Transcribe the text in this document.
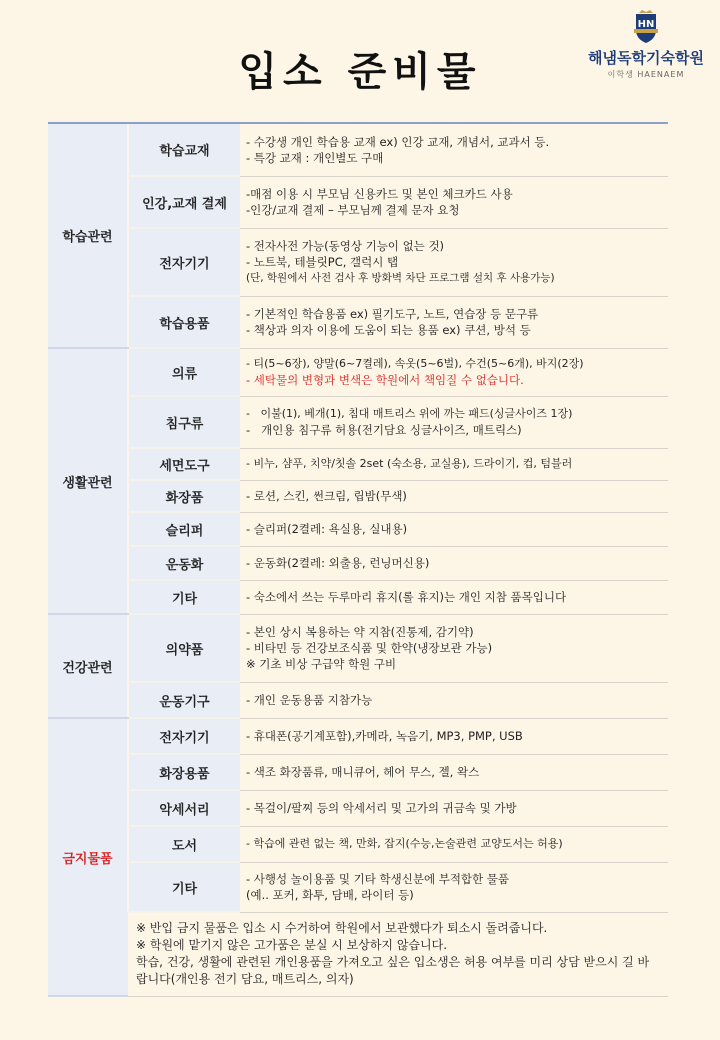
입소 준비물
HN
해냄독학기숙학원
이학생 HAENAEM
학습관련	학습교재	- 수강생 개인 학습용 교재 ex) 인강 교재, 개념서, 교과서 등.
- 특강 교재 : 개인별도 구매

	인강,교재 결제	-매점 이용 시 부모님 신용카드 및 본인 체크카드 사용
-인강/교재 결제 – 부모님께 결제 문자 요청

	전자기기	- 전자사전 가능(동영상 기능이 없는 것)
- 노트북, 테블릿PC, 갤럭시 탭
(단, 학원에서 사전 검사 후 방화벽 차단 프로그램 설치 후 사용가능)

	학습용품	- 기본적인 학습용품 ex) 필기도구, 노트, 연습장 등 문구류
- 책상과 의자 이용에 도움이 되는 용품 ex) 쿠션, 방석 등

생활관련	의류	- 티(5~6장), 양말(6~7켤레), 속옷(5~6벌), 수건(5~6개), 바지(2장)
- 세탁물의 변형과 변색은 학원에서 책임질 수 없습니다.

	침구류	-   이불(1), 베개(1), 침대 매트리스 위에 까는 패드(싱글사이즈 1장)
-   개인용 침구류 허용(전기담요 싱글사이즈, 매트릭스)

	세면도구	- 비누, 샴푸, 치약/칫솔 2set (숙소용, 교실용), 드라이기, 컵, 텀블러

	화장품	- 로션, 스킨, 썬크림, 립밤(무색)

	슬리퍼	- 슬리퍼(2켤레: 욕실용, 실내용)

	운동화	- 운동화(2켤레: 외출용, 런닝머신용)

	기타	- 숙소에서 쓰는 두루마리 휴지(롤 휴지)는 개인 지참 품목입니다

건강관련	의약품	- 본인 상시 복용하는 약 지참(진통제, 감기약)
- 비타민 등 건강보조식품 및 한약(냉장보관 가능)
※ 기초 비상 구급약 학원 구비

	운동기구	- 개인 운동용품 지참가능

금지물품	전자기기	- 휴대폰(공기계포함),카메라, 녹음기, MP3, PMP, USB

	화장용품	- 색조 화장품류, 매니큐어, 헤어 무스, 젤, 왁스

	악세서리	- 목걸이/팔찌 등의 악세서리 및 고가의 귀금속 및 가방

	도서	- 학습에 관련 없는 책, 만화, 잡지(수능,논술관련 교양도서는 허용)

	기타	- 사행성 놀이용품 및 기타 학생신분에 부적합한 물품
(예.. 포커, 화투, 담배, 라이터 등)

	※ 반입 금지 물품은 입소 시 수거하여 학원에서 보관했다가 퇴소시 돌려줍니다.
※ 학원에 맡기지 않은 고가품은 분실 시 보상하지 않습니다.
학습, 건강, 생활에 관련된 개인용품을 가져오고 싶은 입소생은 허용 여부를 미리 상담 받으시 길 바랍니다(개인용 전기 담요, 매트리스, 의자)	
